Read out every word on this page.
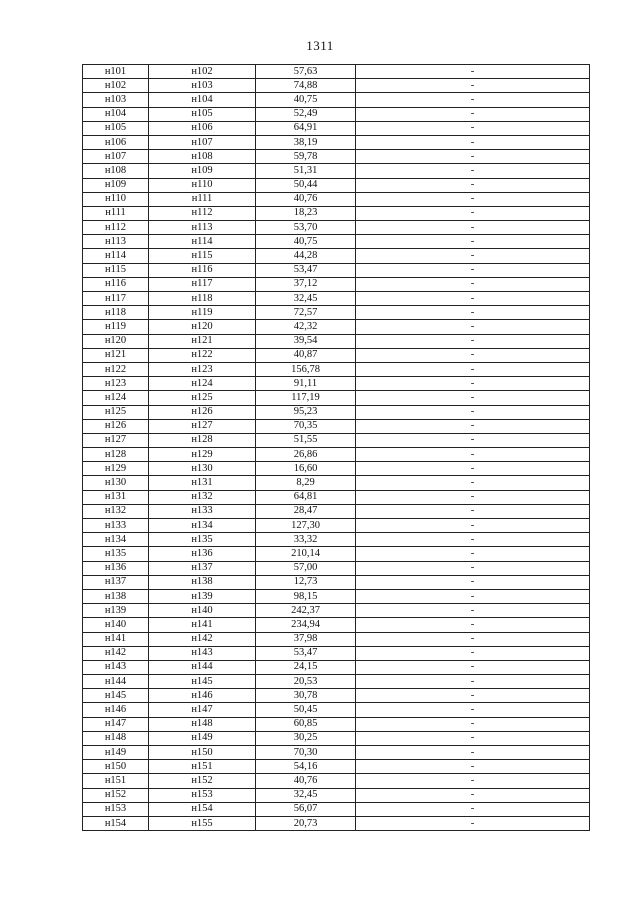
1311
н101	н102	57,63	-
н102	н103	74,88	-
н103	н104	40,75	-
н104	н105	52,49	-
н105	н106	64,91	-
н106	н107	38,19	-
н107	н108	59,78	-
н108	н109	51,31	-
н109	н110	50,44	-
н110	н111	40,76	-
н111	н112	18,23	-
н112	н113	53,70	-
н113	н114	40,75	-
н114	н115	44,28	-
н115	н116	53,47	-
н116	н117	37,12	-
н117	н118	32,45	-
н118	н119	72,57	-
н119	н120	42,32	-
н120	н121	39,54	-
н121	н122	40,87	-
н122	н123	156,78	-
н123	н124	91,11	-
н124	н125	117,19	-
н125	н126	95,23	-
н126	н127	70,35	-
н127	н128	51,55	-
н128	н129	26,86	-
н129	н130	16,60	-
н130	н131	8,29	-
н131	н132	64,81	-
н132	н133	28,47	-
н133	н134	127,30	-
н134	н135	33,32	-
н135	н136	210,14	-
н136	н137	57,00	-
н137	н138	12,73	-
н138	н139	98,15	-
н139	н140	242,37	-
н140	н141	234,94	-
н141	н142	37,98	-
н142	н143	53,47	-
н143	н144	24,15	-
н144	н145	20,53	-
н145	н146	30,78	-
н146	н147	50,45	-
н147	н148	60,85	-
н148	н149	30,25	-
н149	н150	70,30	-
н150	н151	54,16	-
н151	н152	40,76	-
н152	н153	32,45	-
н153	н154	56,07	-
н154	н155	20,73	-
